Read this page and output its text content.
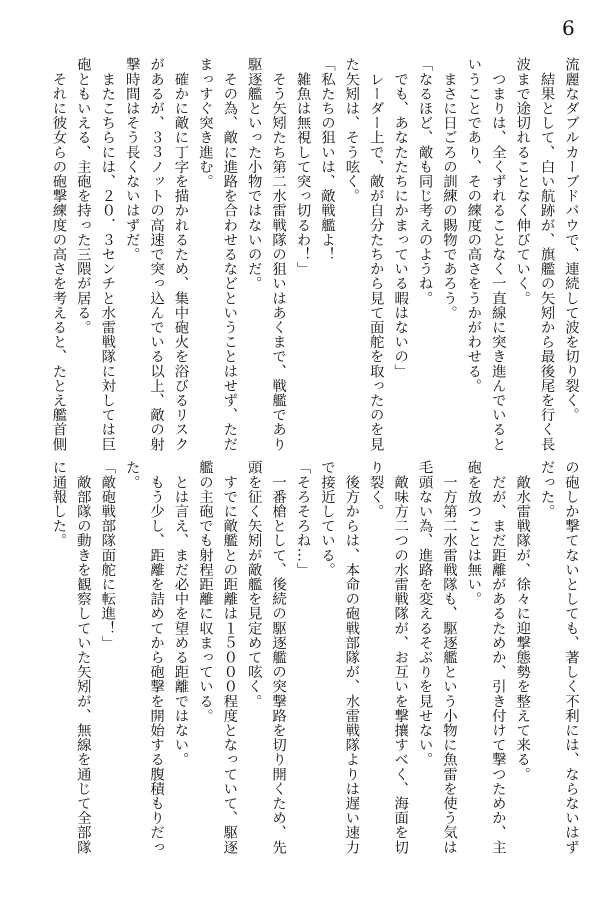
6
流麗なダブルカーブドバウで、連続して波を切り裂く。
　結果として、白い航跡が、旗艦の矢矧から最後尾を行く長
波まで途切れることなく伸びていく。
　つまりは、全くずれることなく一直線に突き進んでいると
いうことであり、その練度の高さをうかがわせる。
　まさに日ごろの訓練の賜物であろう。
「なるほど、敵も同じ考えのようね。
　でも、あなたたちにかまっている暇はないの」
　レーダー上で、敵が自分たちから見て面舵を取ったのを見
た矢矧は、そう呟く。
「私たちの狙いは、敵戦艦よ！
　雑魚は無視して突っ切るわ！」
　そう矢矧たち第二水雷戦隊の狙いはあくまで、戦艦であり
駆逐艦といった小物ではないのだ。
　その為、敵に進路を合わせるなどということはせず、ただ
まっすぐ突き進む。
　確かに敵に丁字を描かれるため、集中砲火を浴びるリスク
があるが、３３ノットの高速で突っ込んでいる以上、敵の射
撃時間はそう長くないはずだ。
　またこちらには、２０．３センチと水雷戦隊に対しては巨
砲ともいえる、主砲を持った三隈が居る。
　それに彼女らの砲撃練度の高さを考えると、たとえ艦首側
の砲しか撃てないとしても、著しく不利には、ならないはず
だった。
　敵水雷戦隊が、徐々に迎撃態勢を整えて来る。
　だが、まだ距離があるためか、引き付けて撃つためか、主
砲を放つことは無い。
　一方第二水雷戦隊も、駆逐艦という小物に魚雷を使う気は
毛頭ない為、進路を変えるそぶりを見せない。
　敵味方二つの水雷戦隊が、お互いを撃攘すべく、海面を切
り裂く。
　後方からは、本命の砲戦部隊が、水雷戦隊よりは遅い速力
で接近している。
「そろそろね…」
　一番槍として、後続の駆逐艦の突撃路を切り開くため、先
頭を征く矢矧が敵艦を見定めて呟く。
　すでに敵艦との距離は１５０００程度となっていて、駆逐
艦の主砲でも射程距離に収まっている。
　とは言え、まだ必中を望める距離ではない。
　もう少し、距離を詰めてから砲撃を開始する腹積もりだっ
た。
「敵砲戦部隊面舵に転進！」
　敵部隊の動きを観察していた矢矧が、無線を通じて全部隊
に通報した。
